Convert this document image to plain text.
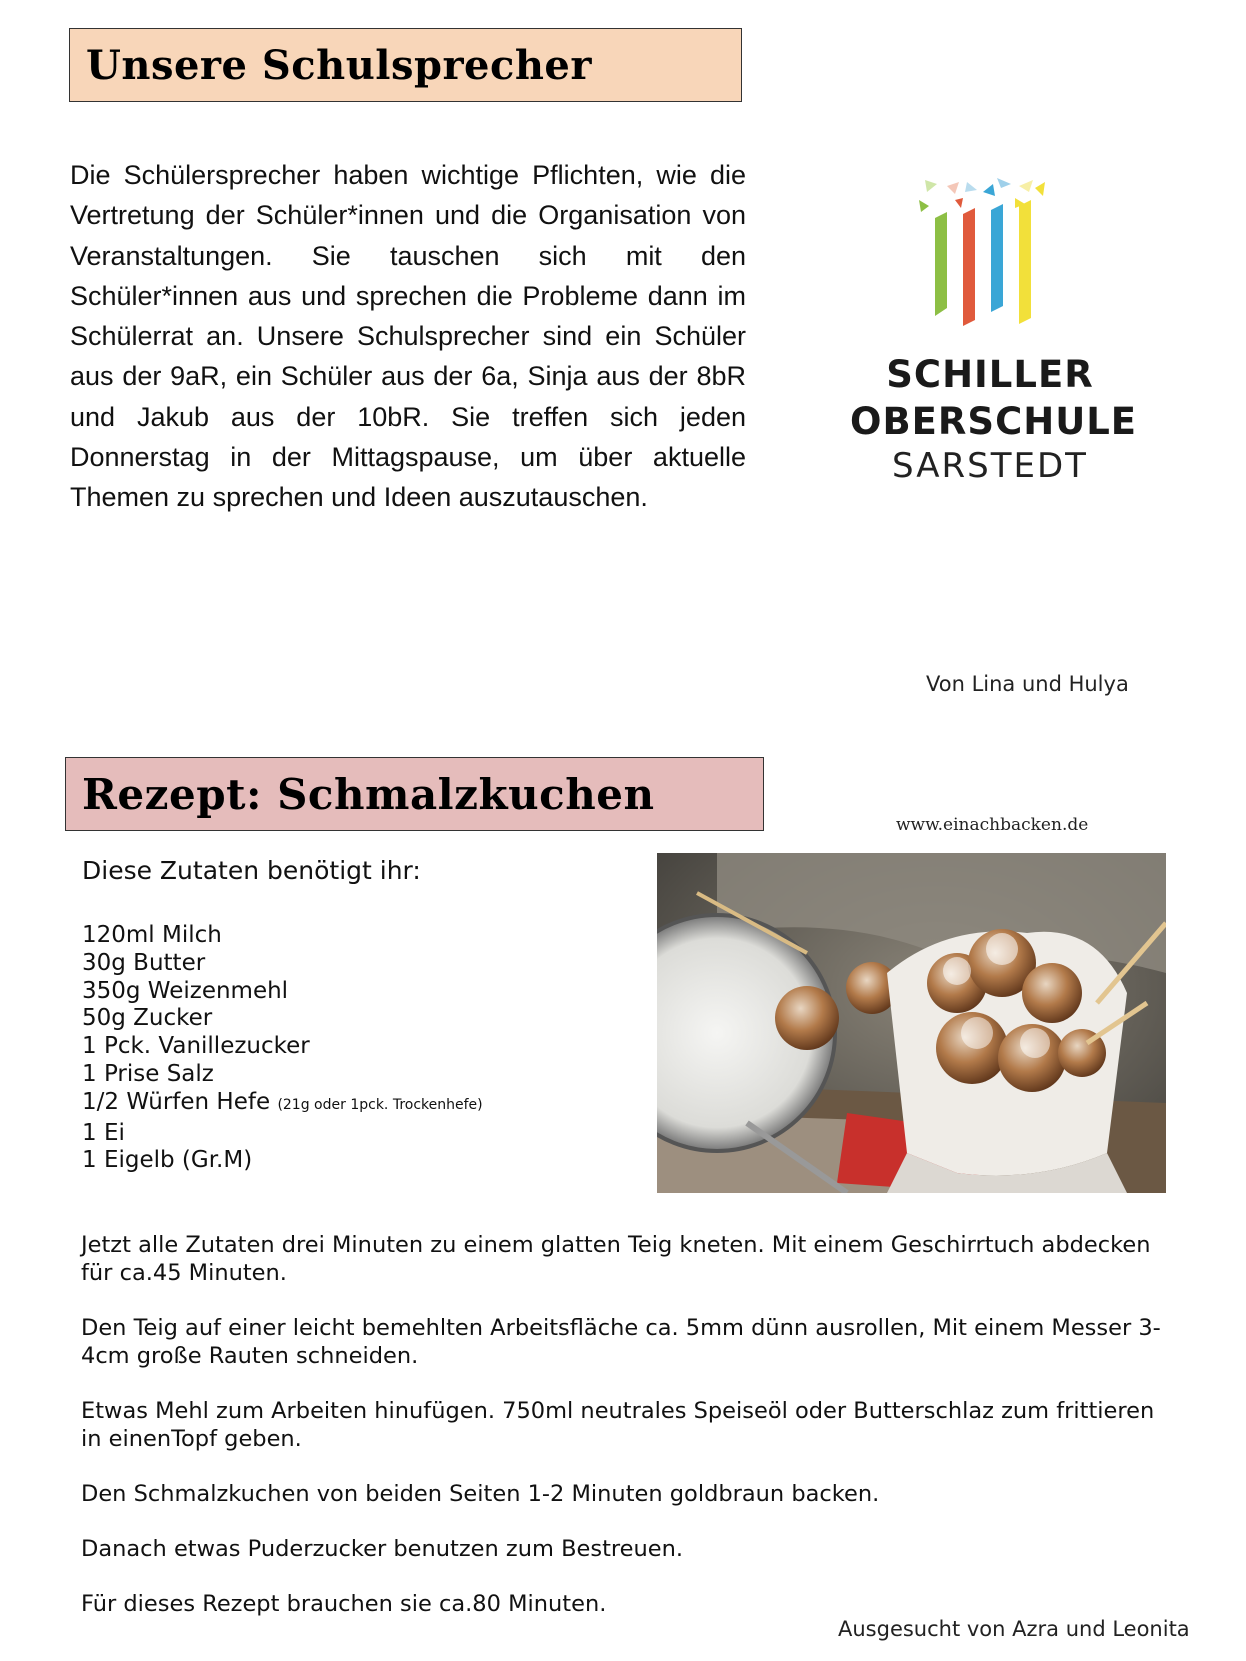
Unsere Schulsprecher

Die Schülersprecher haben wichtige Pflichten, wie die Vertretung der Schüler*innen und die Organisation von Veranstaltungen. Sie tauschen sich mit den Schüler*innen aus und sprechen die Probleme dann im Schülerrat an. Unsere Schulsprecher sind ein Schüler aus der 9aR, ein Schüler aus der 6a, Sinja aus der 8bR und Jakub aus der 10bR. Sie treffen sich jeden Donnerstag in der Mittagspause, um über aktuelle Themen zu sprechen und Ideen auszutauschen.

SCHILLER
OBERSCHULE
SARSTEDT
Von Lina und Hulya
Rezept: Schmalzkuchen
www.einachbacken.de
Diese Zutaten benötigt ihr:
120ml Milch
30g Butter
350g Weizenmehl
50g Zucker
1 Pck. Vanillezucker
1 Prise Salz
1/2 Würfen Hefe (21g oder 1pck. Trockenhefe)
1 Ei
1 Eigelb (Gr.M)

Jetzt alle Zutaten drei Minuten zu einem glatten Teig kneten. Mit einem Geschirrtuch abdecken für ca.45 Minuten.

Den Teig auf einer leicht bemehlten Arbeitsfläche ca. 5mm dünn ausrollen, Mit einem Messer 3-4cm große Rauten schneiden.

Etwas Mehl zum Arbeiten hinufügen. 750ml neutrales Speiseöl oder Butterschlaz zum frittieren in einenTopf geben.

Den Schmalzkuchen von beiden Seiten 1-2 Minuten goldbraun backen.

Danach etwas Puderzucker benutzen zum Bestreuen.

Für dieses Rezept brauchen sie ca.80 Minuten.

Ausgesucht von Azra und Leonita
